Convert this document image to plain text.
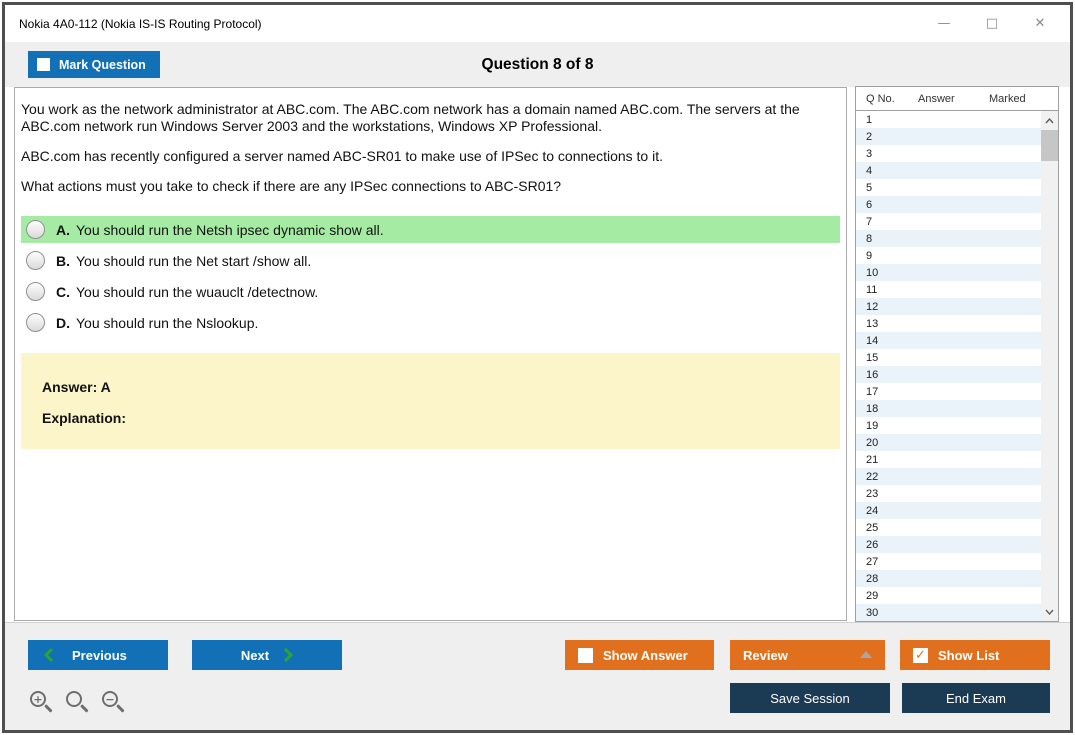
Nokia 4A0-112 (Nokia IS-IS Routing Protocol)	—	□	✕
Question 8 of 8
Mark Question

You work as the network administrator at ABC.com. The ABC.com network has a domain named ABC.com. The servers at the ABC.com network run Windows Server 2003 and the workstations, Windows XP Professional.

ABC.com has recently configured a server named ABC-SR01 to make use of IPSec to connections to it.

What actions must you take to check if there are any IPSec connections to ABC-SR01?

A. You should run the Netsh ipsec dynamic show all.
B. You should run the Net start /show all.
C. You should run the wuauclt /detectnow.
D. You should run the Nslookup.
Answer: A
Explanation:
Q No.	Answer	Marked
1
2
3
4
5
6
7
8
9
10
11
12
13
14
15
16
17
18
19
20
21
22
23
24
25
26
27
28
29
30
Previous	Next	Show Answer	Review	✓ Show List
Save Session	End Exam
+	−
